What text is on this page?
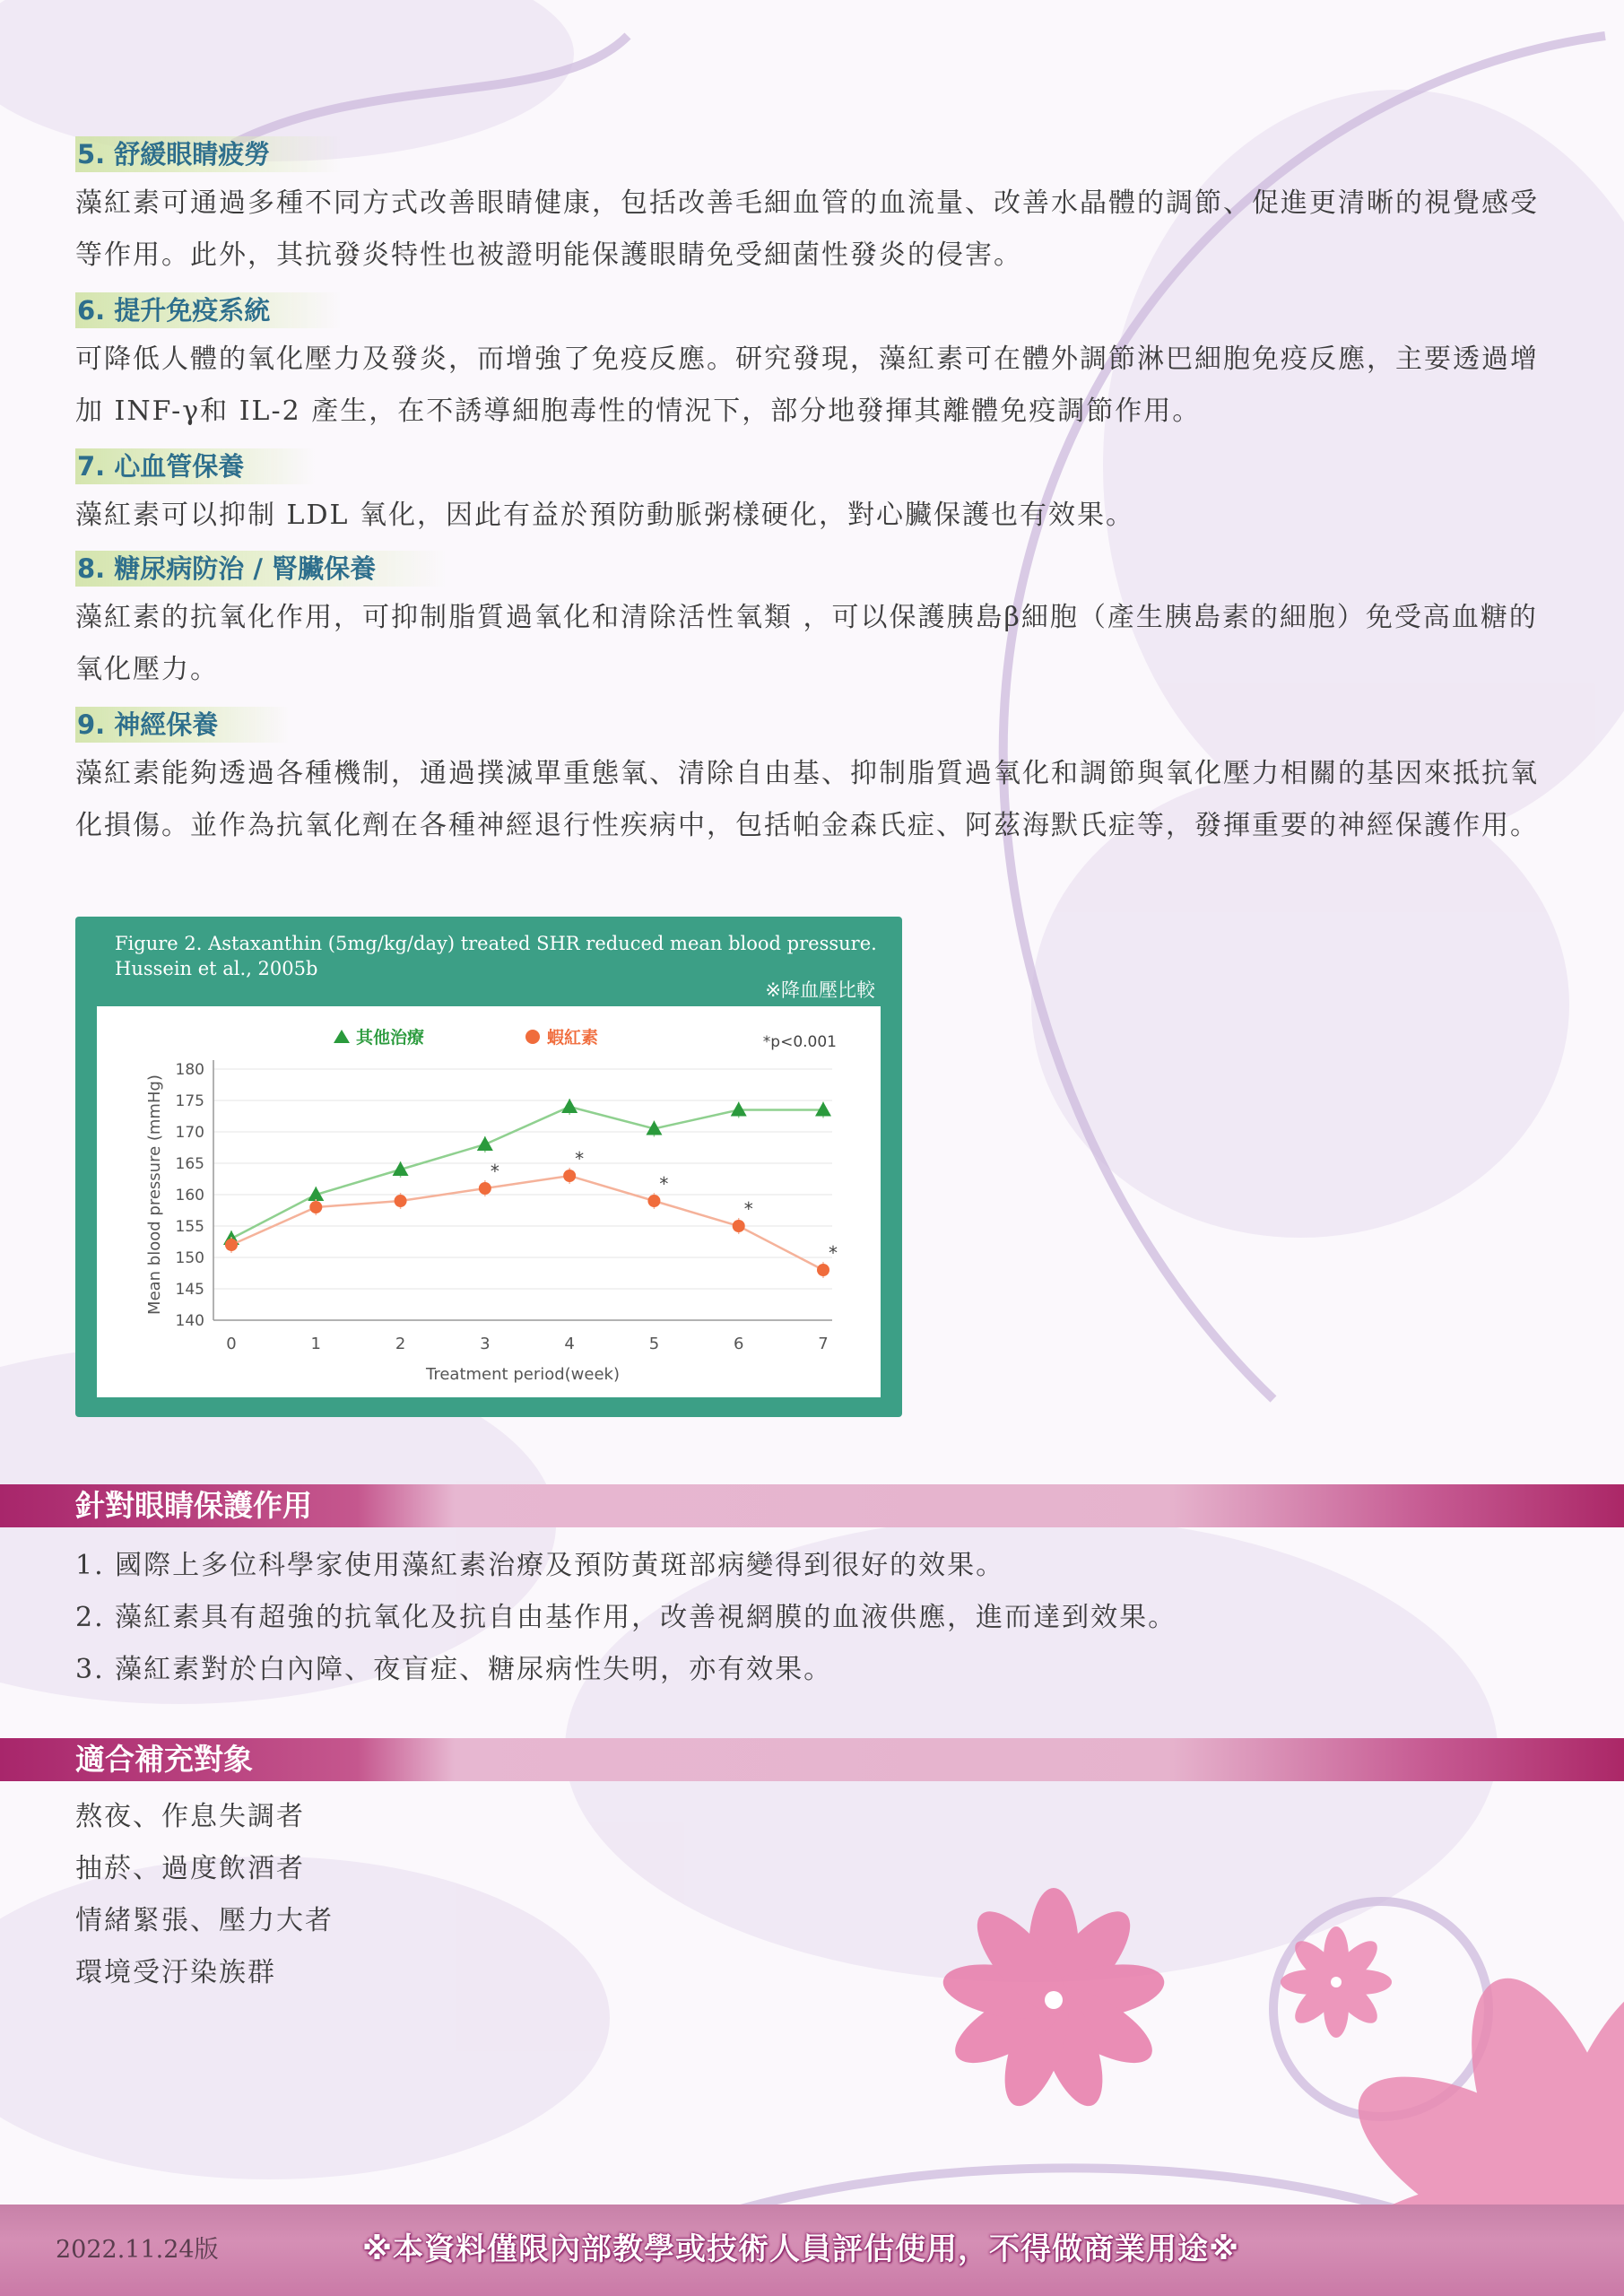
5. 舒緩眼睛疲勞

藻紅素可通過多種不同方式改善眼睛健康，包括改善毛細血管的血流量、改善水晶體的調節、促進更清晰的視覺感受等作用。此外，其抗發炎特性也被證明能保護眼睛免受細菌性發炎的侵害。

6. 提升免疫系統

可降低人體的氧化壓力及發炎，而增強了免疫反應。研究發現，藻紅素可在體外調節淋巴細胞免疫反應，主要透過增加 INF-γ和 IL-2 產生，在不誘導細胞毒性的情況下，部分地發揮其離體免疫調節作用。

7. 心血管保養

藻紅素可以抑制 LDL 氧化，因此有益於預防動脈粥樣硬化，對心臟保護也有效果。

8. 糖尿病防治 / 腎臟保養

藻紅素的抗氧化作用，可抑制脂質過氧化和清除活性氧類 ，可以保護胰島β細胞（產生胰島素的細胞）免受高血糖的氧化壓力。

9. 神經保養

藻紅素能夠透過各種機制，通過撲滅單重態氧、清除自由基、抑制脂質過氧化和調節與氧化壓力相關的基因來抵抗氧化損傷。並作為抗氧化劑在各種神經退行性疾病中，包括帕金森氏症、阿茲海默氏症等，發揮重要的神經保護作用。

Figure 2. Astaxanthin (5mg/kg/day) treated SHR reduced mean blood pressure.
Hussein et al., 2005b

※降血壓比較
140
145
150
155
160
165
170
175
180
0	1	2	3	4	5	6	7
Treatment period(week)
Mean blood pressure (mmHg)
其他治療	蝦紅素	*p<0.001
*
*
*
*
*
針對眼睛保護作用
1. 國際上多位科學家使用藻紅素治療及預防黃斑部病變得到很好的效果。
2. 藻紅素具有超強的抗氧化及抗自由基作用，改善視網膜的血液供應，進而達到效果。
3. 藻紅素對於白內障、夜盲症、糖尿病性失明，亦有效果。
適合補充對象
熬夜、作息失調者
抽菸、過度飲酒者
情緒緊張、壓力大者
環境受汙染族群
2022.11.24版	※本資料僅限內部教學或技術人員評估使用，不得做商業用途※
